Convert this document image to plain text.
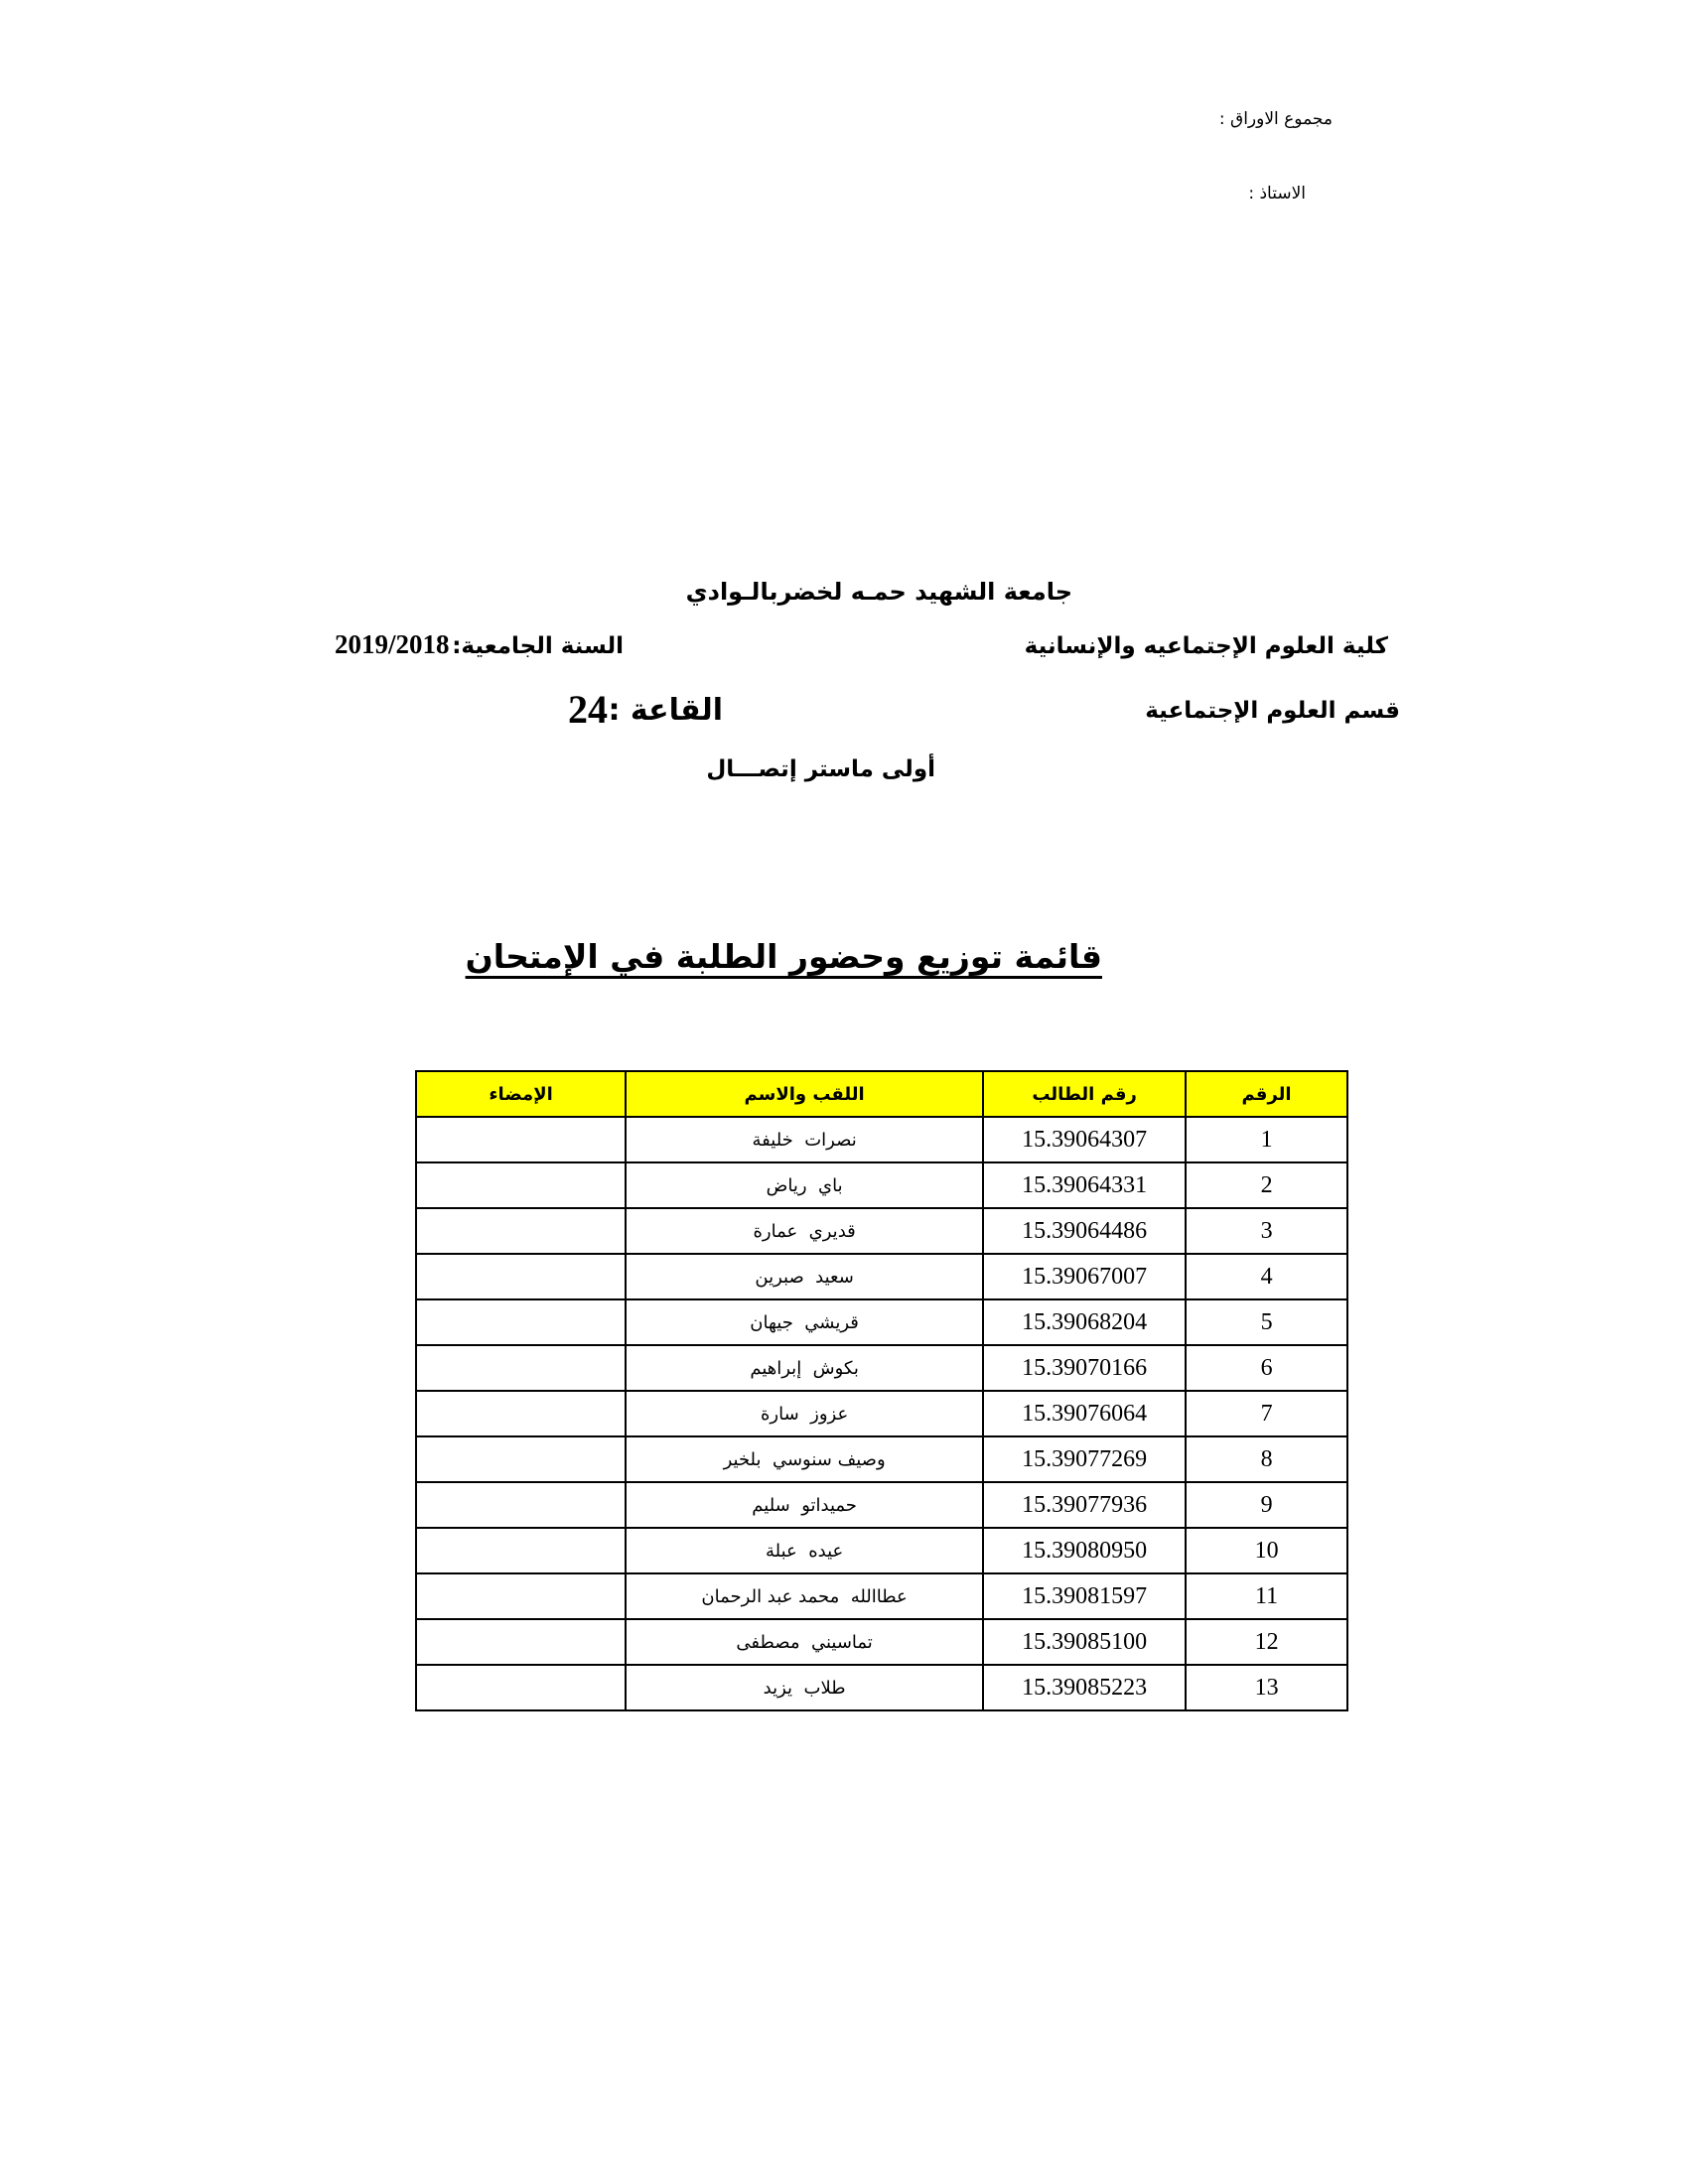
مجموع الاوراق :
الاستاذ :
جامعة الشهيد حمـه لخضربالـوادي
كلية العلوم الإجتماعيه والإنسانية
السنة الجامعية:
2019/2018
قسم العلوم الإجتماعية
القاعة :
24
أولى ماستر إتصـــال
قائمة توزيع وحضور الطلبة في الإمتحان
الرقم	رقم الطالب	اللقب والاسم	الإمضاء
1	15.39064307	نصرات  خليفة	
2	15.39064331	باي  رياض	
3	15.39064486	قديري  عمارة	
4	15.39067007	سعيد  صبرين	
5	15.39068204	قريشي  جيهان	
6	15.39070166	بكوش  إبراهيم	
7	15.39076064	عزوز  سارة	
8	15.39077269	وصيف سنوسي  بلخير	
9	15.39077936	حميداتو  سليم	
10	15.39080950	عيده  عبلة	
11	15.39081597	عطاالله  محمد عبد الرحمان	
12	15.39085100	تماسيني  مصطفى	
13	15.39085223	طلاب  يزيد	
